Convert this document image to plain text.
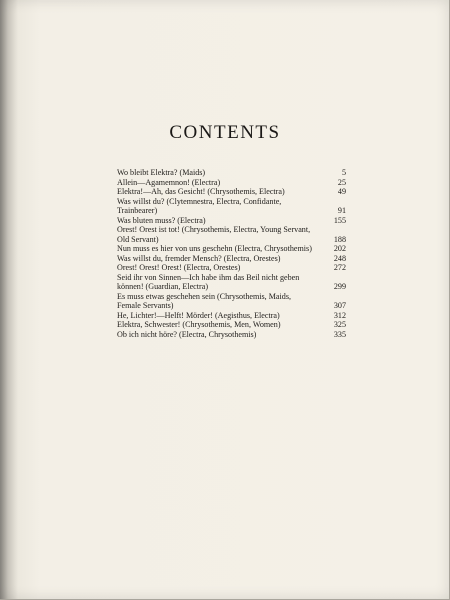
CONTENTS
Wo bleibt Elektra? (Maids)	5
Allein—Agamemnon! (Electra)	25
Elektra!—Ah, das Gesicht! (Chrysothemis, Electra)	49
Was willst du? (Clytemnestra, Electra, Confidante, Trainbearer)	91
Was bluten muss? (Electra)	155
Orest! Orest ist tot! (Chrysothemis, Electra, Young Servant, Old Servant)	188
Nun muss es hier von uns geschehn (Electra, Chrysothemis)	202
Was willst du, fremder Mensch? (Electra, Orestes)	248
Orest! Orest! Orest! (Electra, Orestes)	272
Seid ihr von Sinnen—Ich habe ihm das Beil nicht geben können! (Guardian, Electra)	299
Es muss etwas geschehen sein (Chrysothemis, Maids, Female Servants)	307
He, Lichter!—Helft! Mörder! (Aegisthus, Electra)	312
Elektra, Schwester! (Chrysothemis, Men, Women)	325
Ob ich nicht höre? (Electra, Chrysothemis)	335
